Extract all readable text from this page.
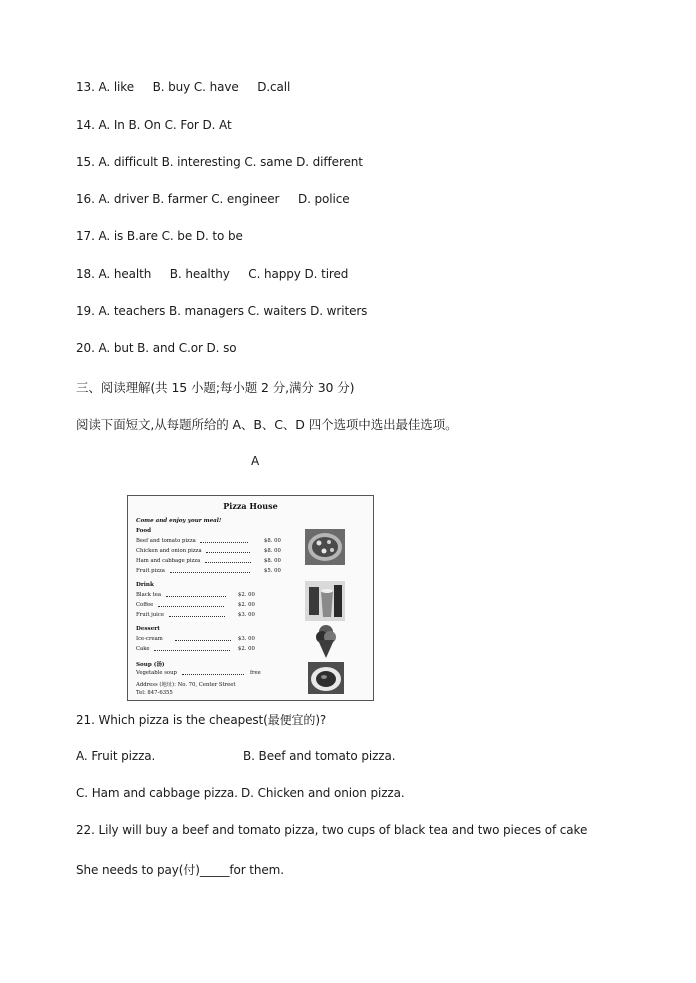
13. A. like     B. buy C. have     D.call
14. A. In B. On C. For D. At
15. A. difficult B. interesting C. same D. different
16. A. driver B. farmer C. engineer     D. police
17. A. is B.are C. be D. to be
18. A. health     B. healthy     C. happy D. tired
19. A. teachers B. managers C. waiters D. writers
20. A. but B. and C.or D. so
三、阅读理解(共 15 小题;每小题 2 分,满分 30 分)
阅读下面短文,从每题所给的 A、B、C、D 四个选项中选出最佳选项。
A
Pizza House
Come and enjoy your meal!
Food
Beef and tomato pizza	$8. 00
Chicken and onion pizza	$8. 00
Ham and cabbage pizza	$8. 00
Fruit pizza	$5. 00
Drink
Black tea	$2. 00
Coffee	$2. 00
Fruit juice	$3. 00
Dessert
Ice-cream	$3. 00
Cake	$2. 00
Soup (汤)
Vegetable soup	free
Address (地址): No. 70, Center Street
Tel: 847-6355
21. Which pizza is the cheapest(最便宜的)?
A. Fruit pizza.	B. Beef and tomato pizza.
C. Ham and cabbage pizza. D. Chicken and onion pizza.
22. Lily will buy a beef and tomato pizza, two cups of black tea and two pieces of cake
She needs to pay(付)_____for them.
